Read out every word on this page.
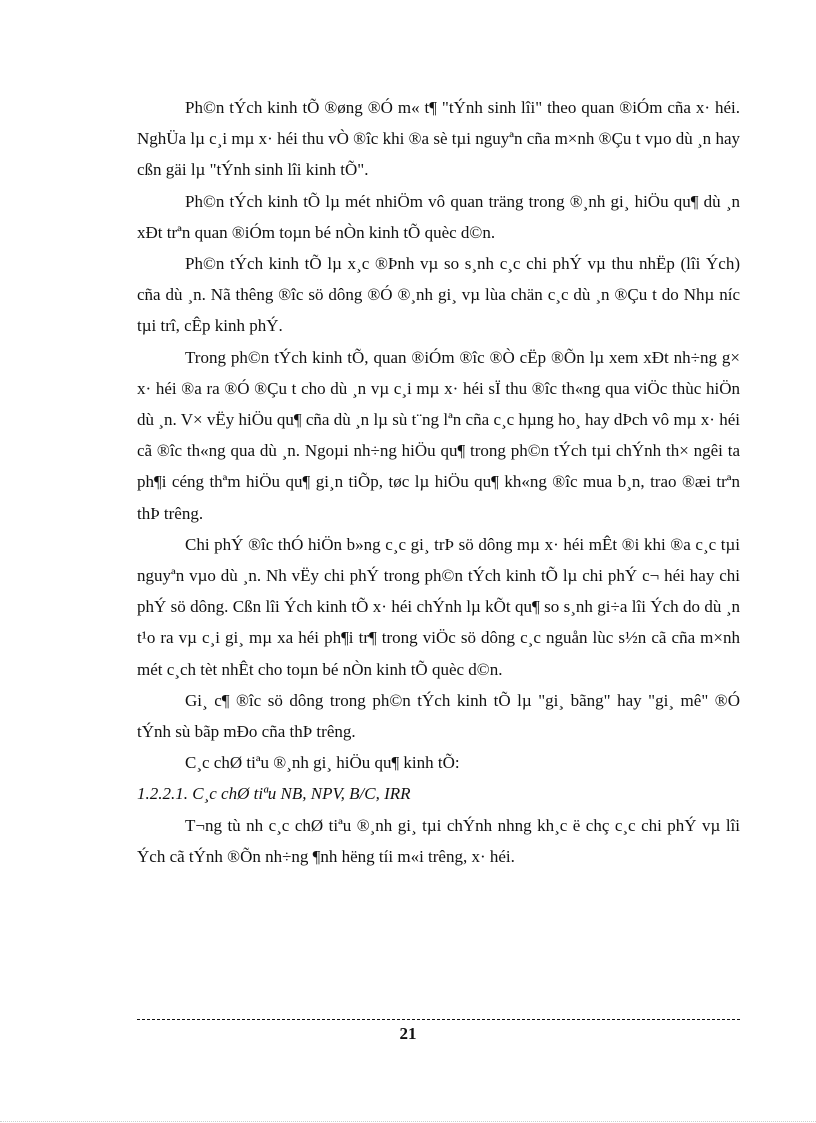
Ph©n tÝch kinh tÕ ®øng ®Ó m« t¶ "tÝnh sinh lîi" theo quan ®iÓm cña x· héi. NghÜa lµ c¸i mµ x· héi thu vÒ ®îc khi ®a sè tµi nguyªn cña m×nh ®Çu t vµo dù ¸n hay cßn gäi lµ "tÝnh sinh lîi kinh tÕ".

Ph©n tÝch kinh tÕ lµ mét nhiÖm vô quan träng trong ®¸nh gi¸ hiÖu qu¶ dù ¸n xÐt trªn quan ®iÓm toµn bé nÒn kinh tÕ quèc d©n.

Ph©n tÝch kinh tÕ lµ x¸c ®Þnh vµ so s¸nh c¸c chi phÝ vµ thu nhËp (lîi Ých) cña dù ¸n. Nã thêng ®îc sö dông ®Ó ®¸nh gi¸ vµ lùa chän c¸c dù ¸n ®Çu t do Nhµ níc tµi trî, cÊp kinh phÝ.

Trong ph©n tÝch kinh tÕ, quan ®iÓm ®îc ®Ò cËp ®Õn lµ xem xÐt nh÷ng g× x· héi ®a ra ®Ó ®Çu t cho dù ¸n vµ c¸i mµ x· héi sÏ thu ®îc th«ng qua viÖc thùc hiÖn dù ¸n. V× vËy hiÖu qu¶ cña dù ¸n lµ sù t¨ng lªn cña c¸c hµng ho¸ hay dÞch vô mµ x· héi cã ®îc th«ng qua dù ¸n. Ngoµi nh÷ng hiÖu qu¶ trong ph©n tÝch tµi chÝnh th× ngêi ta ph¶i céng thªm hiÖu qu¶ gi¸n tiÕp, tøc lµ hiÖu qu¶ kh«ng ®îc mua b¸n, trao ®æi trªn thÞ trêng.

Chi phÝ ®îc thÓ hiÖn b»ng c¸c gi¸ trÞ sö dông mµ x· héi mÊt ®i khi ®a c¸c tµi nguyªn vµo dù ¸n. Nh vËy chi phÝ trong ph©n tÝch kinh tÕ lµ chi phÝ c¬ héi hay chi phÝ sö dông. Cßn lîi Ých kinh tÕ x· héi chÝnh lµ kÕt qu¶ so s¸nh gi÷a lîi Ých do dù ¸n t¹o ra vµ c¸i gi¸ mµ xa héi ph¶i tr¶ trong viÖc sö dông c¸c nguån lùc s½n cã cña m×nh mét c¸ch tèt nhÊt cho toµn bé nÒn kinh tÕ quèc d©n.

Gi¸ c¶ ®îc sö dông trong ph©n tÝch kinh tÕ lµ "gi¸ bãng" hay "gi¸ mê" ®Ó tÝnh sù bãp mÐo cña thÞ trêng.

C¸c chØ tiªu ®¸nh gi¸ hiÖu qu¶ kinh tÕ:

1.2.2.1. C¸c chØ tiªu NB, NPV, B/C, IRR

T¬ng tù nh c¸c chØ tiªu ®¸nh gi¸ tµi chÝnh nhng kh¸c ë chç c¸c chi phÝ vµ lîi Ých cã tÝnh ®Õn nh÷ng ¶nh hëng tíi m«i trêng, x· héi.

21
